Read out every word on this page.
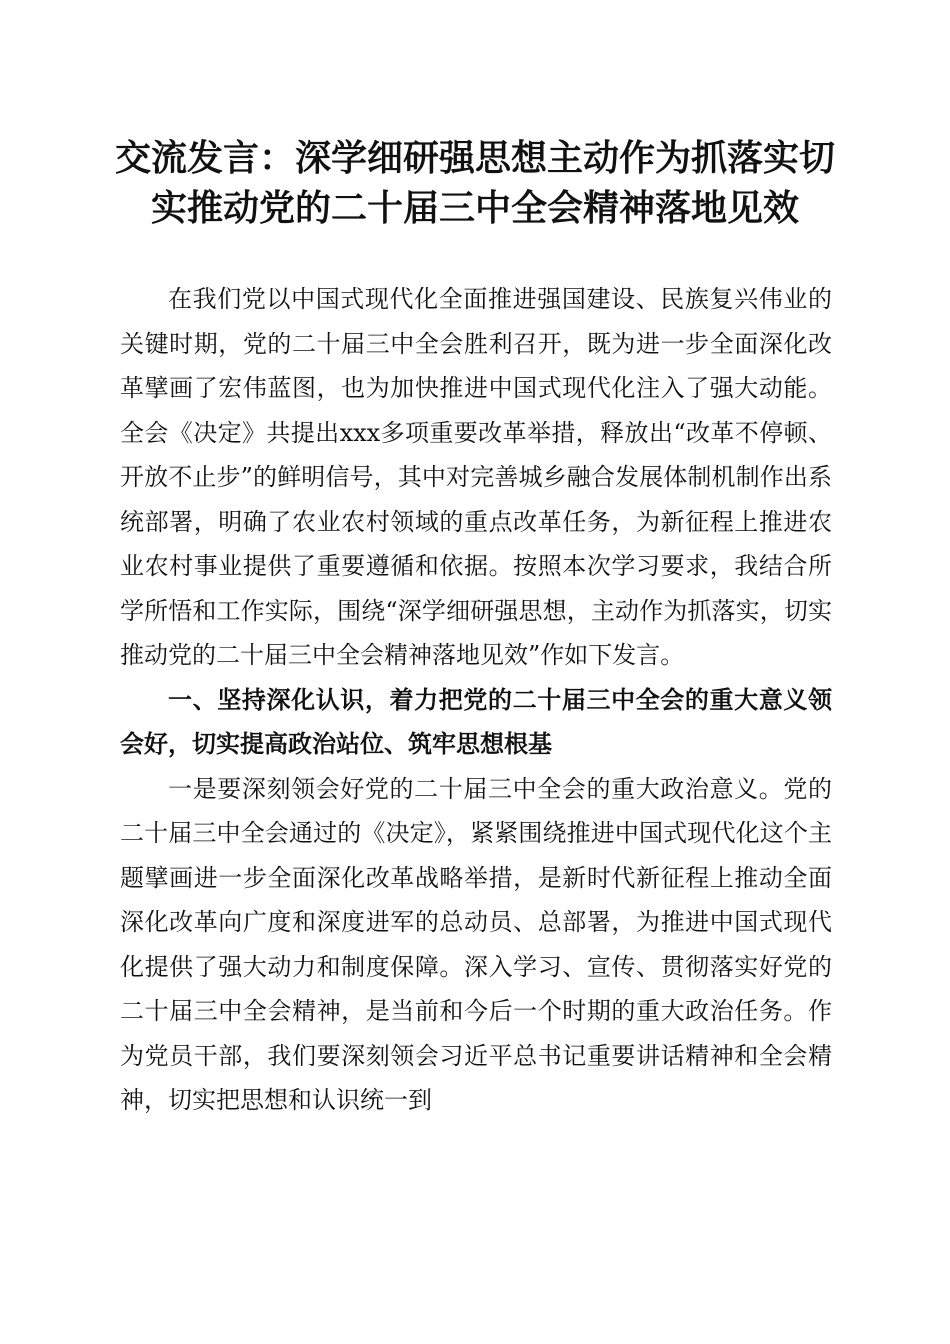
交流发言：深学细研强思想主动作为抓落实切
实推动党的二十届三中全会精神落地见效

在我们党以中国式现代化全面推进强国建设、民族复兴伟业的关键时期，党的二十届三中全会胜利召开，既为进一步全面深化改革擘画了宏伟蓝图，也为加快推进中国式现代化注入了强大动能。全会《决定》共提出xxx多项重要改革举措，释放出“改革不停顿、开放不止步”的鲜明信号，其中对完善城乡融合发展体制机制作出系统部署，明确了农业农村领域的重点改革任务，为新征程上推进农业农村事业提供了重要遵循和依据。按照本次学习要求，我结合所学所悟和工作实际，围绕“深学细研强思想，主动作为抓落实，切实推动党的二十届三中全会精神落地见效”作如下发言。

一、坚持深化认识，着力把党的二十届三中全会的重大意义领会好，切实提高政治站位、筑牢思想根基

一是要深刻领会好党的二十届三中全会的重大政治意义。党的二十届三中全会通过的《决定》，紧紧围绕推进中国式现代化这个主题擘画进一步全面深化改革战略举措，是新时代新征程上推动全面深化改革向广度和深度进军的总动员、总部署，为推进中国式现代化提供了强大动力和制度保障。深入学习、宣传、贯彻落实好党的二十届三中全会精神，是当前和今后一个时期的重大政治任务。作为党员干部，我们要深刻领会习近平总书记重要讲话精神和全会精神，切实把思想和认识统一到
